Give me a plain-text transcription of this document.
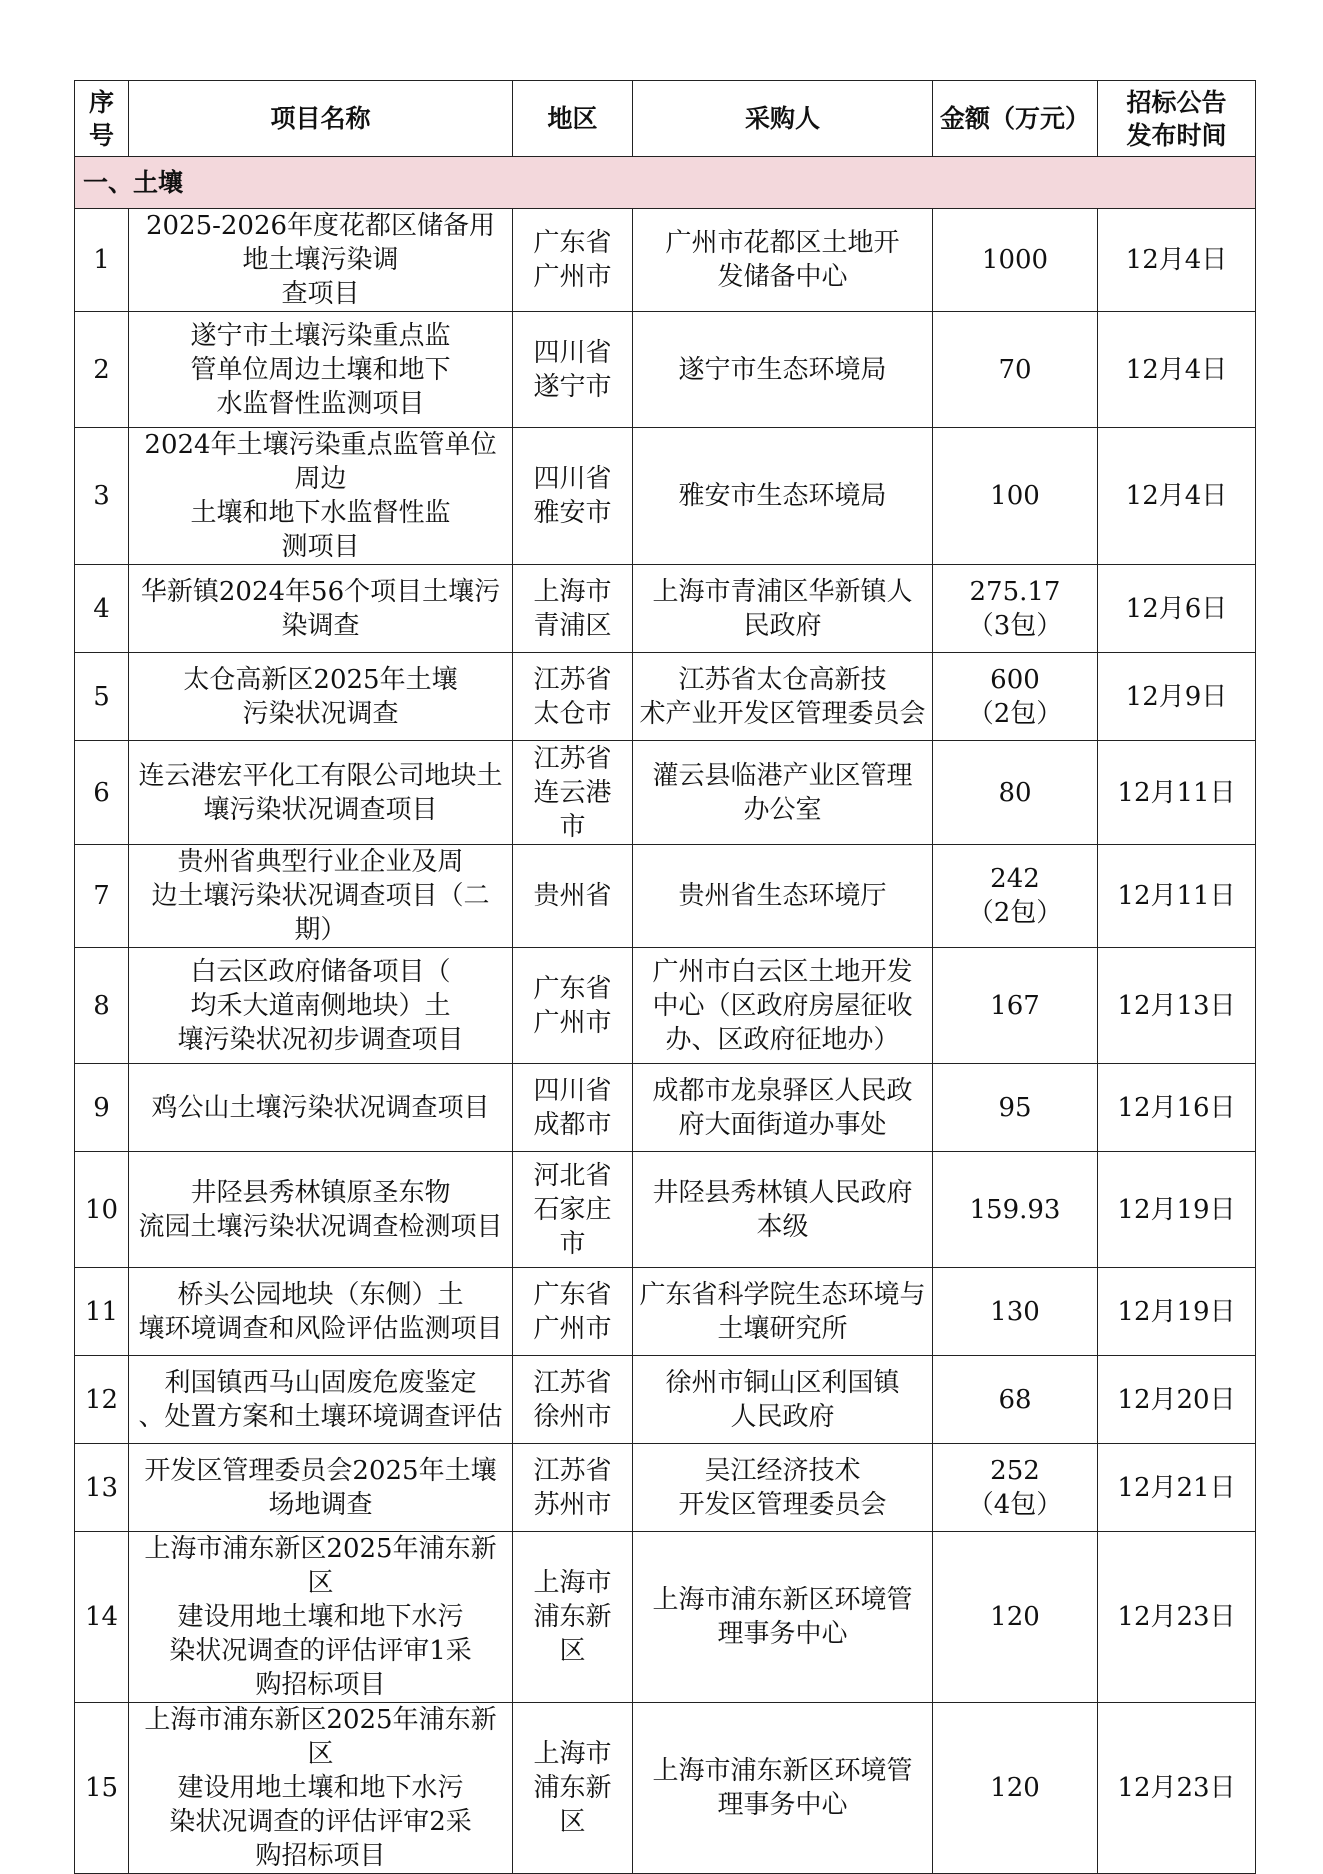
序
号	项目名称	地区	采购人	金额（万元）	招标公告
发布时间

一、土壤					
1	2025-2026年度花都区储备用地土壤污染调
查项目	广东省
广州市	广州市花都区土地开
发储备中心	1000	12月4日
2	遂宁市土壤污染重点监
管单位周边土壤和地下
水监督性监测项目	四川省
遂宁市	遂宁市生态环境局	70	12月4日
3	2024年土壤污染重点监管单位周边
土壤和地下水监督性监
测项目	四川省
雅安市	雅安市生态环境局	100	12月4日
4	华新镇2024年56个项目土壤污
染调查	上海市
青浦区	上海市青浦区华新镇人
民政府	275.17
（3包）	12月6日
5	太仓高新区2025年土壤
污染状况调查	江苏省
太仓市	江苏省太仓高新技
术产业开发区管理委员会	600
（2包）	12月9日
6	连云港宏平化工有限公司地块土
壤污染状况调查项目	江苏省
连云港
市	灌云县临港产业区管理
办公室	80	12月11日
7	贵州省典型行业企业及周
边土壤污染状况调查项目（二期）	贵州省	贵州省生态环境厅	242
（2包）	12月11日
8	白云区政府储备项目（
均禾大道南侧地块）土
壤污染状况初步调查项目	广东省
广州市	广州市白云区土地开发
中心（区政府房屋征收
办、区政府征地办）	167	12月13日
9	鸡公山土壤污染状况调查项目	四川省
成都市	成都市龙泉驿区人民政
府大面街道办事处	95	12月16日
10	井陉县秀林镇原圣东物
流园土壤污染状况调查检测项目	河北省
石家庄
市	井陉县秀林镇人民政府
本级	159.93	12月19日
11	桥头公园地块（东侧）土
壤环境调查和风险评估监测项目	广东省
广州市	广东省科学院生态环境与
土壤研究所	130	12月19日
12	利国镇西马山固废危废鉴定
、处置方案和土壤环境调查评估	江苏省
徐州市	徐州市铜山区利国镇
人民政府	68	12月20日
13	开发区管理委员会2025年土壤
场地调查	江苏省
苏州市	吴江经济技术
开发区管理委员会	252
（4包）	12月21日
14	上海市浦东新区2025年浦东新区
建设用地土壤和地下水污
染状况调查的评估评审1采
购招标项目	上海市
浦东新
区	上海市浦东新区环境管
理事务中心	120	12月23日
15	上海市浦东新区2025年浦东新区
建设用地土壤和地下水污
染状况调查的评估评审2采
购招标项目	上海市
浦东新
区	上海市浦东新区环境管
理事务中心	120	12月23日
